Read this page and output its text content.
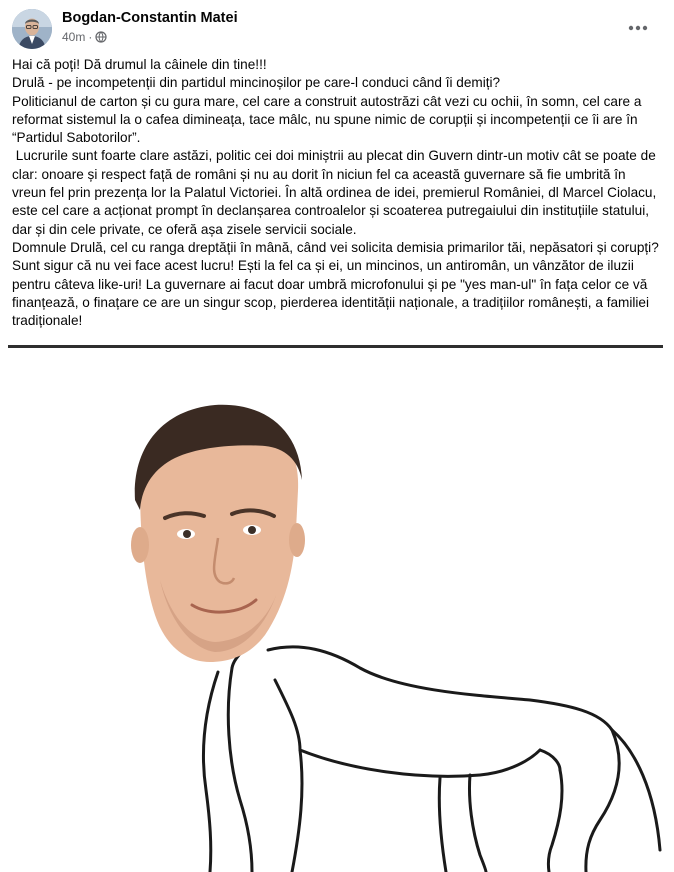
Bogdan-Constantin Matei
40m ·

Hai că poți! Dă drumul la câinele din tine!!!

Drulă - pe incompetenții din partidul mincinoșilor pe care-l conduci când îi demiți?

Politicianul de carton și cu gura mare, cel care a construit autostrăzi cât vezi cu ochii, în somn, cel care a reformat sistemul la o cafea dimineața, tace mâlc, nu spune nimic de corupții și incompetenții ce îi are în “Partidul Sabotorilor”.

Lucrurile sunt foarte clare astăzi, politic cei doi miniștrii au plecat din Guvern dintr-un motiv cât se poate de clar: onoare și respect față de români și nu au dorit în niciun fel ca această guvernare să fie umbrită în vreun fel prin prezența lor la Palatul Victoriei. În altă ordinea de idei, premierul României, dl Marcel Ciolacu, este cel care a acționat prompt în declanșarea controalelor și scoaterea putregaiului din instituțiile statului, dar și din cele private, ce oferă așa zisele servicii sociale.

Domnule Drulă, cel cu ranga dreptății în mână, când vei solicita demisia primarilor tăi, nepăsatori și corupți? Sunt sigur că nu vei face acest lucru! Ești la fel ca și ei, un mincinos, un antiromân, un vânzător de iluzii pentru câteva like-uri! La guvernare ai facut doar umbră microfonului și pe "yes man-ul" în fața celor ce vă finanțează, o finațare ce are un singur scop, pierderea identității naționale, a tradițiilor românești, a familiei tradiționale!
